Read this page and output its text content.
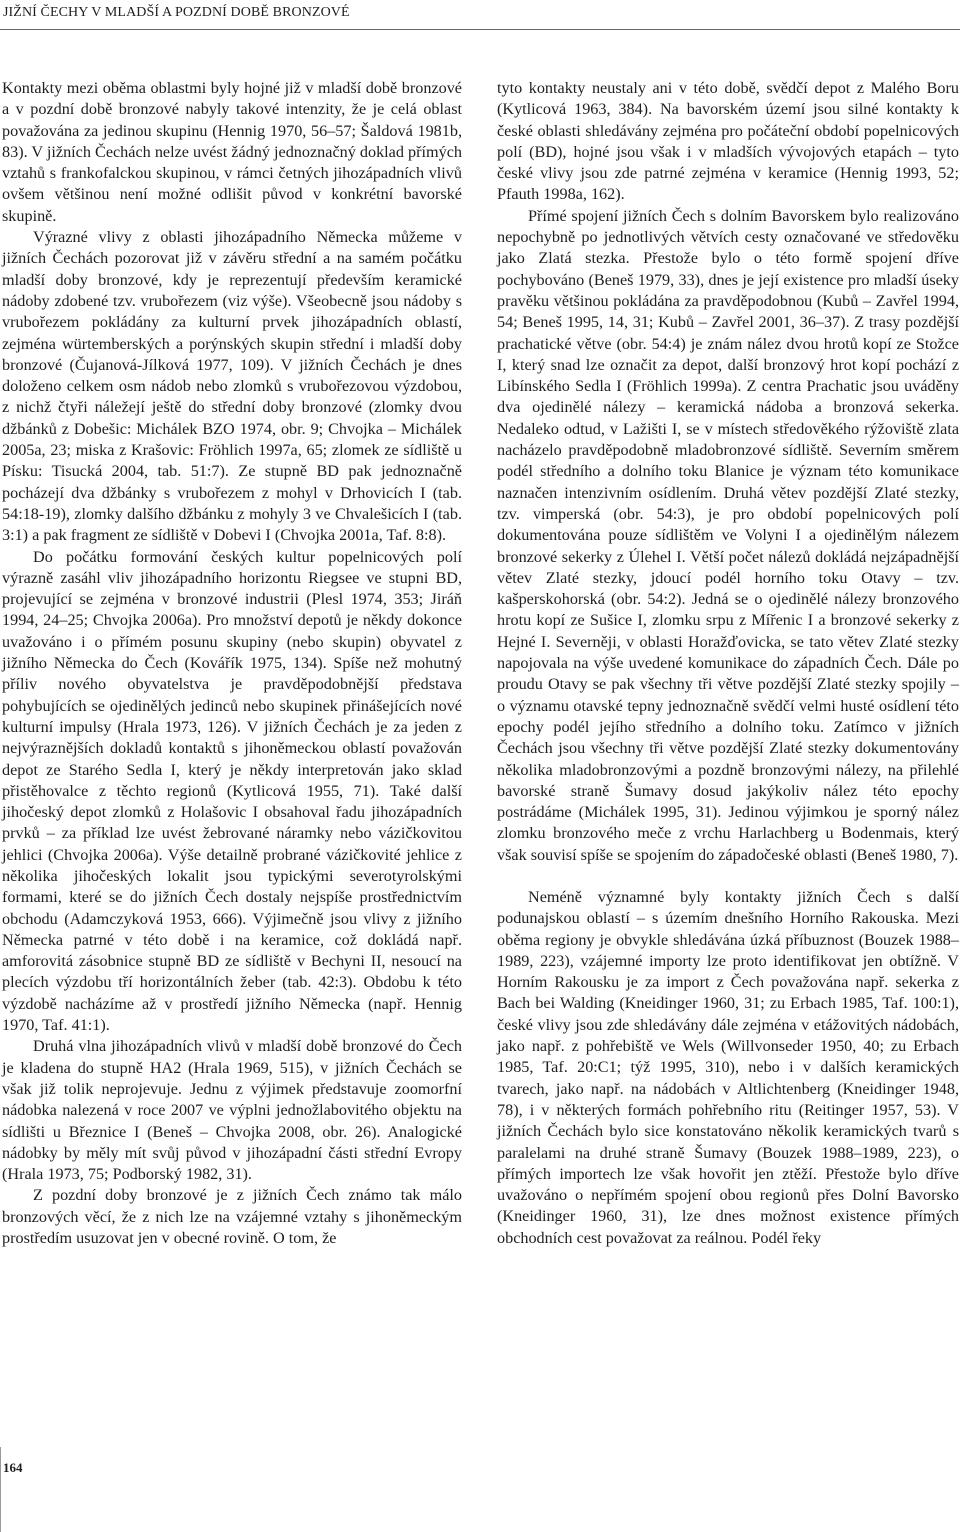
JIŽNÍ ČECHY V MLADŠÍ A POZDNÍ DOBĚ BRONZOVÉ

Kontakty mezi oběma oblastmi byly hojné již v mladší době bronzové a v pozdní době bronzové nabyly takové intenzity, že je celá oblast považována za jedinou skupinu (Hennig 1970, 56–57; Šaldová 1981b, 83). V jižních Čechách nelze uvést žádný jednoznačný doklad přímých vztahů s frankofalckou skupinou, v rámci četných jihozápadních vlivů ovšem většinou není možné odlišit původ v konkrétní bavorské skupině.

Výrazné vlivy z oblasti jihozápadního Německa můžeme v jižních Čechách pozorovat již v závěru střední a na samém počátku mladší doby bronzové, kdy je reprezentují především keramické nádoby zdobené tzv. vrubořezem (viz výše). Všeobecně jsou nádoby s vrubořezem pokládány za kulturní prvek jihozápadních oblastí, zejména würtemberských a porýnských skupin střední i mladší doby bronzové (Čujanová-Jílková 1977, 109). V jižních Čechách je dnes doloženo celkem osm nádob nebo zlomků s vrubořezovou výzdobou, z nichž čtyři náležejí ještě do střední doby bronzové (zlomky dvou džbánků z Dobešic: Michálek BZO 1974, obr. 9; Chvojka – Michálek 2005a, 23; miska z Krašovic: Fröhlich 1997a, 65; zlomek ze sídliště u Písku: Tisucká 2004, tab. 51:7). Ze stupně BD pak jednoznačně pocházejí dva džbánky s vrubořezem z mohyl v Drhovicích I (tab. 54:18-19), zlomky dalšího džbánku z mohyly 3 ve Chvalešicích I (tab. 3:1) a pak fragment ze sídliště v Dobevi I (Chvojka 2001a, Taf. 8:8).

Do počátku formování českých kultur popelnicových polí výrazně zasáhl vliv jihozápadního horizontu Riegsee ve stupni BD, projevující se zejména v bronzové industrii (Plesl 1974, 353; Jiráň 1994, 24–25; Chvojka 2006a). Pro množství depotů je někdy dokonce uvažováno i o přímém posunu skupiny (nebo skupin) obyvatel z jižního Německa do Čech (Kovářík 1975, 134). Spíše než mohutný příliv nového obyvatelstva je pravděpodobnější představa pohybujících se ojedinělých jedinců nebo skupinek přinášejících nové kulturní impulsy (Hrala 1973, 126). V jižních Čechách je za jeden z nejvýraznějších dokladů kontaktů s jihoněmeckou oblastí považován depot ze Starého Sedla I, který je někdy interpretován jako sklad přistěhovalce z těchto regionů (Kytlicová 1955, 71). Také další jihočeský depot zlomků z Holašovic I obsahoval řadu jihozápadních prvků – za příklad lze uvést žebrované náramky nebo vázičkovitou jehlici (Chvojka 2006a). Výše detailně probrané vázičkovité jehlice z několika jihočeských lokalit jsou typickými severotyrolskými formami, které se do jižních Čech dostaly nejspíše prostřednictvím obchodu (Adamczyková 1953, 666). Výjimečně jsou vlivy z jižního Německa patrné v této době i na keramice, což dokládá např. amforovitá zásobnice stupně BD ze sídliště v Bechyni II, nesoucí na plecích výzdobu tří horizontálních žeber (tab. 42:3). Obdobu k této výzdobě nacházíme až v prostředí jižního Německa (např. Hennig 1970, Taf. 41:1).

Druhá vlna jihozápadních vlivů v mladší době bronzové do Čech je kladena do stupně HA2 (Hrala 1969, 515), v jižních Čechách se však již tolik neprojevuje. Jednu z výjimek představuje zoomorfní nádobka nalezená v roce 2007 ve výplni jednožlabovitého objektu na sídlišti u Březnice I (Beneš – Chvojka 2008, obr. 26). Analogické nádobky by měly mít svůj původ v jihozápadní části střední Evropy (Hrala 1973, 75; Podborský 1982, 31).

Z pozdní doby bronzové je z jižních Čech známo tak málo bronzových věcí, že z nich lze na vzájemné vztahy s jihoněmeckým prostředím usuzovat jen v obecné rovině. O tom, že

tyto kontakty neustaly ani v této době, svědčí depot z Malého Boru (Kytlicová 1963, 384). Na bavorském území jsou silné kontakty k české oblasti shledávány zejména pro počáteční období popelnicových polí (BD), hojné jsou však i v mladších vývojových etapách – tyto české vlivy jsou zde patrné zejména v keramice (Hennig 1993, 52; Pfauth 1998a, 162).

Přímé spojení jižních Čech s dolním Bavorskem bylo realizováno nepochybně po jednotlivých větvích cesty označované ve středověku jako Zlatá stezka. Přestože bylo o této formě spojení dříve pochybováno (Beneš 1979, 33), dnes je její existence pro mladší úseky pravěku většinou pokládána za pravděpodobnou (Kubů – Zavřel 1994, 54; Beneš 1995, 14, 31; Kubů – Zavřel 2001, 36–37). Z trasy pozdější prachatické větve (obr. 54:4) je znám nález dvou hrotů kopí ze Stožce I, který snad lze označit za depot, další bronzový hrot kopí pochází z Libínského Sedla I (Fröhlich 1999a). Z centra Prachatic jsou uváděny dva ojedinělé nálezy – keramická nádoba a bronzová sekerka. Nedaleko odtud, v Lažišti I, se v místech středověkého rýžoviště zlata nacházelo pravděpodobně mladobronzové sídliště. Severním směrem podél středního a dolního toku Blanice je význam této komunikace naznačen intenzivním osídlením. Druhá větev pozdější Zlaté stezky, tzv. vimperská (obr. 54:3), je pro období popelnicových polí dokumentována pouze sídlištěm ve Volyni I a ojedinělým nálezem bronzové sekerky z Úlehel I. Větší počet nálezů dokládá nejzápadnější větev Zlaté stezky, jdoucí podél horního toku Otavy – tzv. kašperskohorská (obr. 54:2). Jedná se o ojedinělé nálezy bronzového hrotu kopí ze Sušice I, zlomku srpu z Mířenic I a bronzové sekerky z Hejné I. Severněji, v oblasti Horažďovicka, se tato větev Zlaté stezky napojovala na výše uvedené komunikace do západních Čech. Dále po proudu Otavy se pak všechny tři větve pozdější Zlaté stezky spojily – o významu otavské tepny jednoznačně svědčí velmi husté osídlení této epochy podél jejího středního a dolního toku. Zatímco v jižních Čechách jsou všechny tři větve pozdější Zlaté stezky dokumentovány několika mladobronzovými a pozdně bronzovými nálezy, na přilehlé bavorské straně Šumavy dosud jakýkoliv nález této epochy postrádáme (Michálek 1995, 31). Jedinou výjimkou je sporný nález zlomku bronzového meče z vrchu Harlachberg u Bodenmais, který však souvisí spíše se spojením do západočeské oblasti (Beneš 1980, 7).

Neméně významné byly kontakty jižních Čech s další podunajskou oblastí – s územím dnešního Horního Rakouska. Mezi oběma regiony je obvykle shledávána úzká příbuznost (Bouzek 1988–1989, 223), vzájemné importy lze proto identifikovat jen obtížně. V Horním Rakousku je za import z Čech považována např. sekerka z Bach bei Walding (Kneidinger 1960, 31; zu Erbach 1985, Taf. 100:1), české vlivy jsou zde shledávány dále zejména v etážovitých nádobách, jako např. z pohřebiště ve Wels (Willvonseder 1950, 40; zu Erbach 1985, Taf. 20:C1; týž 1995, 310), nebo i v dalších keramických tvarech, jako např. na nádobách v Altlichtenberg (Kneidinger 1948, 78), i v některých formách pohřebního ritu (Reitinger 1957, 53). V jižních Čechách bylo sice konstatováno několik keramických tvarů s paralelami na druhé straně Šumavy (Bouzek 1988–1989, 223), o přímých importech lze však hovořit jen ztěží. Přestože bylo dříve uvažováno o nepřímém spojení obou regionů přes Dolní Bavorsko (Kneidinger 1960, 31), lze dnes možnost existence přímých obchodních cest považovat za reálnou. Podél řeky

164
